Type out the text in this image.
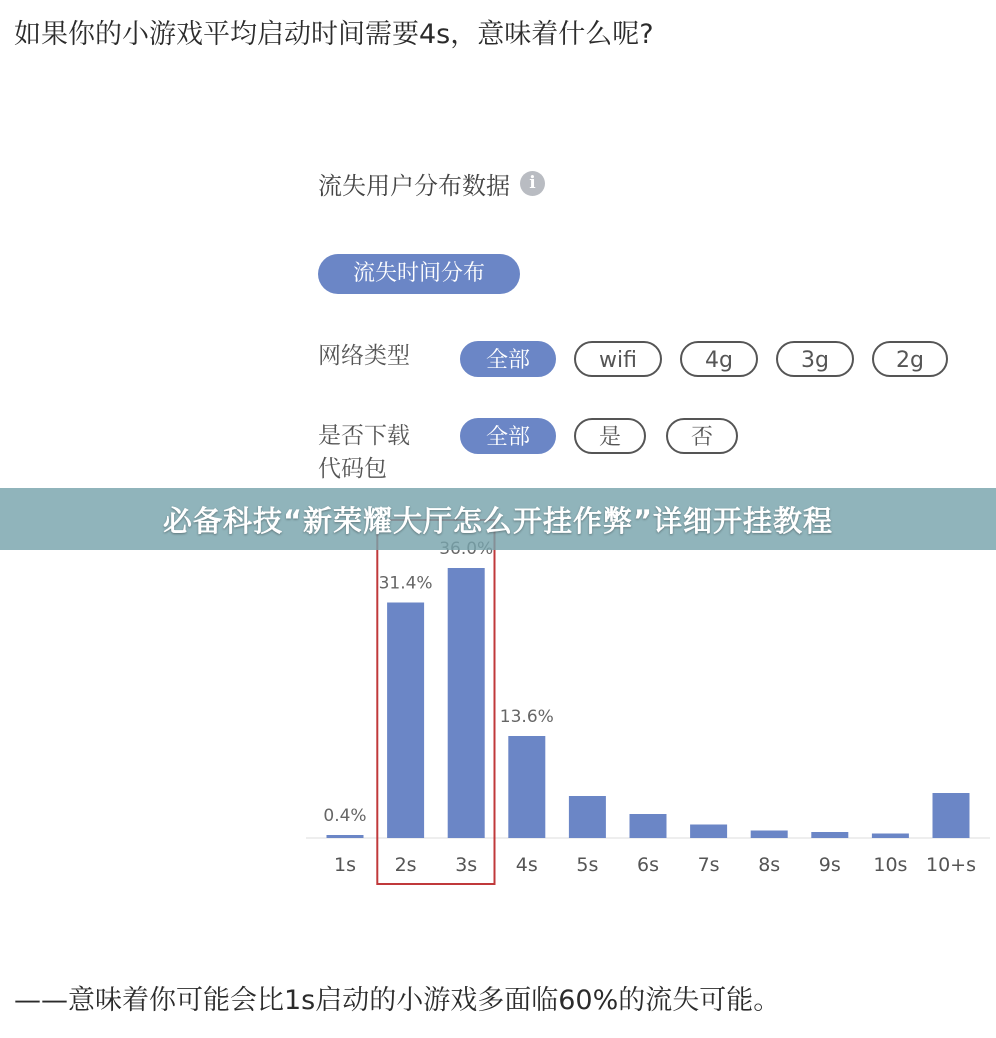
如果你的小游戏平均启动时间需要4s，意味着什么呢?
流失用户分布数据	i
流失时间分布
网络类型	全部	wifi	4g	3g	2g
是否下载
代码包
全部	是	否
1s
0.4%
2s
31.4%
3s 4s
13.6%
5s 6s 7s 8s 9s 10s 10+s
必备科技“新荣耀大厅怎么开挂作弊”详细开挂教程
——意味着你可能会比1s启动的小游戏多面临60%的流失可能。
